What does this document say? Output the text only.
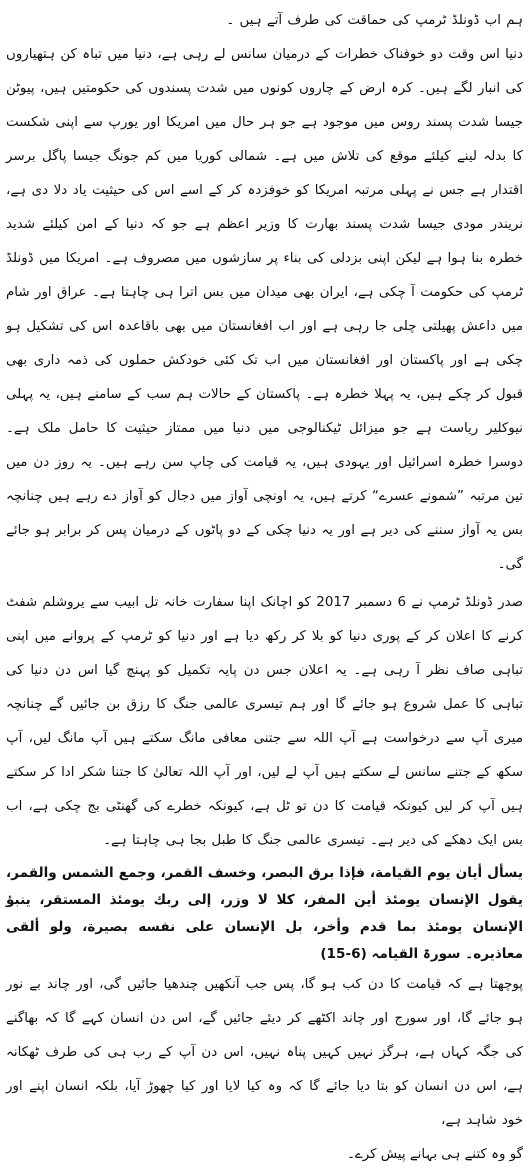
ہم اب ڈونلڈ ٹرمپ کی حماقت کی طرف آتے ہیں ۔

دنیا اس وقت دو خوفناک خطرات کے درمیان سانس لے رہی ہے، دنیا میں تباہ کن ہتھیاروں کی انبار لگے ہیں۔ کرہ ارض کے چاروں کونوں میں شدت پسندوں کی حکومتیں ہیں، پیوٹن جیسا شدت پسند روس میں موجود ہے جو ہر حال میں امریکا اور یورپ سے اپنی شکست کا بدلہ لینے کیلئے موقع کی تلاش میں ہے۔ شمالی کوریا میں کم جونگ جیسا پاگل برسر اقتدار ہے جس نے پہلی مرتبہ امریکا کو خوفزدہ کر کے اسے اس کی حیثیت یاد دلا دی ہے، نریندر مودی جیسا شدت پسند بھارت کا وزیر اعظم ہے جو کہ دنیا کے امن کیلئے شدید خطرہ بنا ہوا ہے لیکن اپنی بزدلی کی بناء پر سازشوں میں مصروف ہے۔ امریکا میں ڈونلڈ ٹرمپ کی حکومت آ چکی ہے، ایران بھی میدان میں بس اترا ہی چاہتا ہے۔ عراق اور شام میں داعش پھیلتی چلی جا رہی ہے اور اب افغانستان میں بھی باقاعدہ اس کی تشکیل ہو چکی ہے اور پاکستان اور افغانستان میں اب تک کئی خودکش حملوں کی ذمہ داری بھی قبول کر چکے ہیں، یہ پہلا خطرہ ہے۔ پاکستان کے حالات ہم سب کے سامنے ہیں، یہ پہلی نیوکلیر ریاست ہے جو میزائل ٹیکنالوجی میں دنیا میں ممتاز حیثیت کا حامل ملک ہے۔ دوسرا خطرہ اسرائیل اور یہودی ہیں، یہ قیامت کی چاپ سن رہے ہیں۔ یہ روز دن میں تین مرتبہ ”شمونے عسرے“ کرتے ہیں، یہ اونچی آواز میں دجال کو آواز دے رہے ہیں چنانچہ بس یہ آواز سننے کی دیر ہے اور یہ دنیا چکی کے دو پاٹوں کے درمیان پس کر برابر ہو جائے گی۔

صدر ڈونلڈ ٹرمپ نے 6 دسمبر 2017 کو اچانک اپنا سفارت خانہ تل ابیب سے یروشلم شفٹ کرنے کا اعلان کر کے پوری دنیا کو بلا کر رکھ دیا ہے اور دنیا کو ٹرمپ کے پروانے میں اپنی تباہی صاف نظر آ رہی ہے۔ یہ اعلان جس دن پایہ تکمیل کو پہنچ گیا اس دن دنیا کی تباہی کا عمل شروع ہو جائے گا اور ہم تیسری عالمی جنگ کا رزق بن جائیں گے چنانچہ میری آپ سے درخواست ہے آپ اللہ سے جتنی معافی مانگ سکتے ہیں آپ مانگ لیں، آپ سکھ کے جتنے سانس لے سکتے ہیں آپ لے لیں، اور آپ اللہ تعالیٰ کا جتنا شکر ادا کر سکتے ہیں آپ کر لیں کیونکہ قیامت کا دن تو ٹل ہے، کیونکہ خطرے کی گھنٹی بج چکی ہے، اب بس ایک دھکے کی دیر ہے۔ تیسری عالمی جنگ کا طبل بجا ہی چاہتا ہے۔

يسأل أيان يوم القيامة، فإذا برق البصر، وخسف القمر، وجمع الشمس والقمر، يقول الإنسان يومئذ أين المفر، كلا لا وزر، إلى ربك يومئذ المستقر، ينبؤ الإنسان يومئذ بما قدم وأخر، بل الإنسان على نفسه بصيرة، ولو ألقى معاذيره۔ سورۃ القیامہ (6-15)

پوچھتا ہے کہ قیامت کا دن کب ہو گا، پس جب آنکھیں چندھیا جائیں گی، اور چاند بے نور ہو جائے گا، اور سورج اور چاند اکٹھے کر دیئے جائیں گے، اس دن انسان کہے گا کہ بھاگنے کی جگہ کہاں ہے، ہرگز نہیں کہیں پناہ نہیں، اس دن آپ کے رب ہی کی طرف ٹھکانہ ہے، اس دن انسان کو بتا دیا جائے گا کہ وہ کیا لایا اور کیا چھوڑ آیا، بلکہ انسان اپنے اور خود شاہد ہے،

گو وہ کتنے ہی بہانے پیش کرے۔
